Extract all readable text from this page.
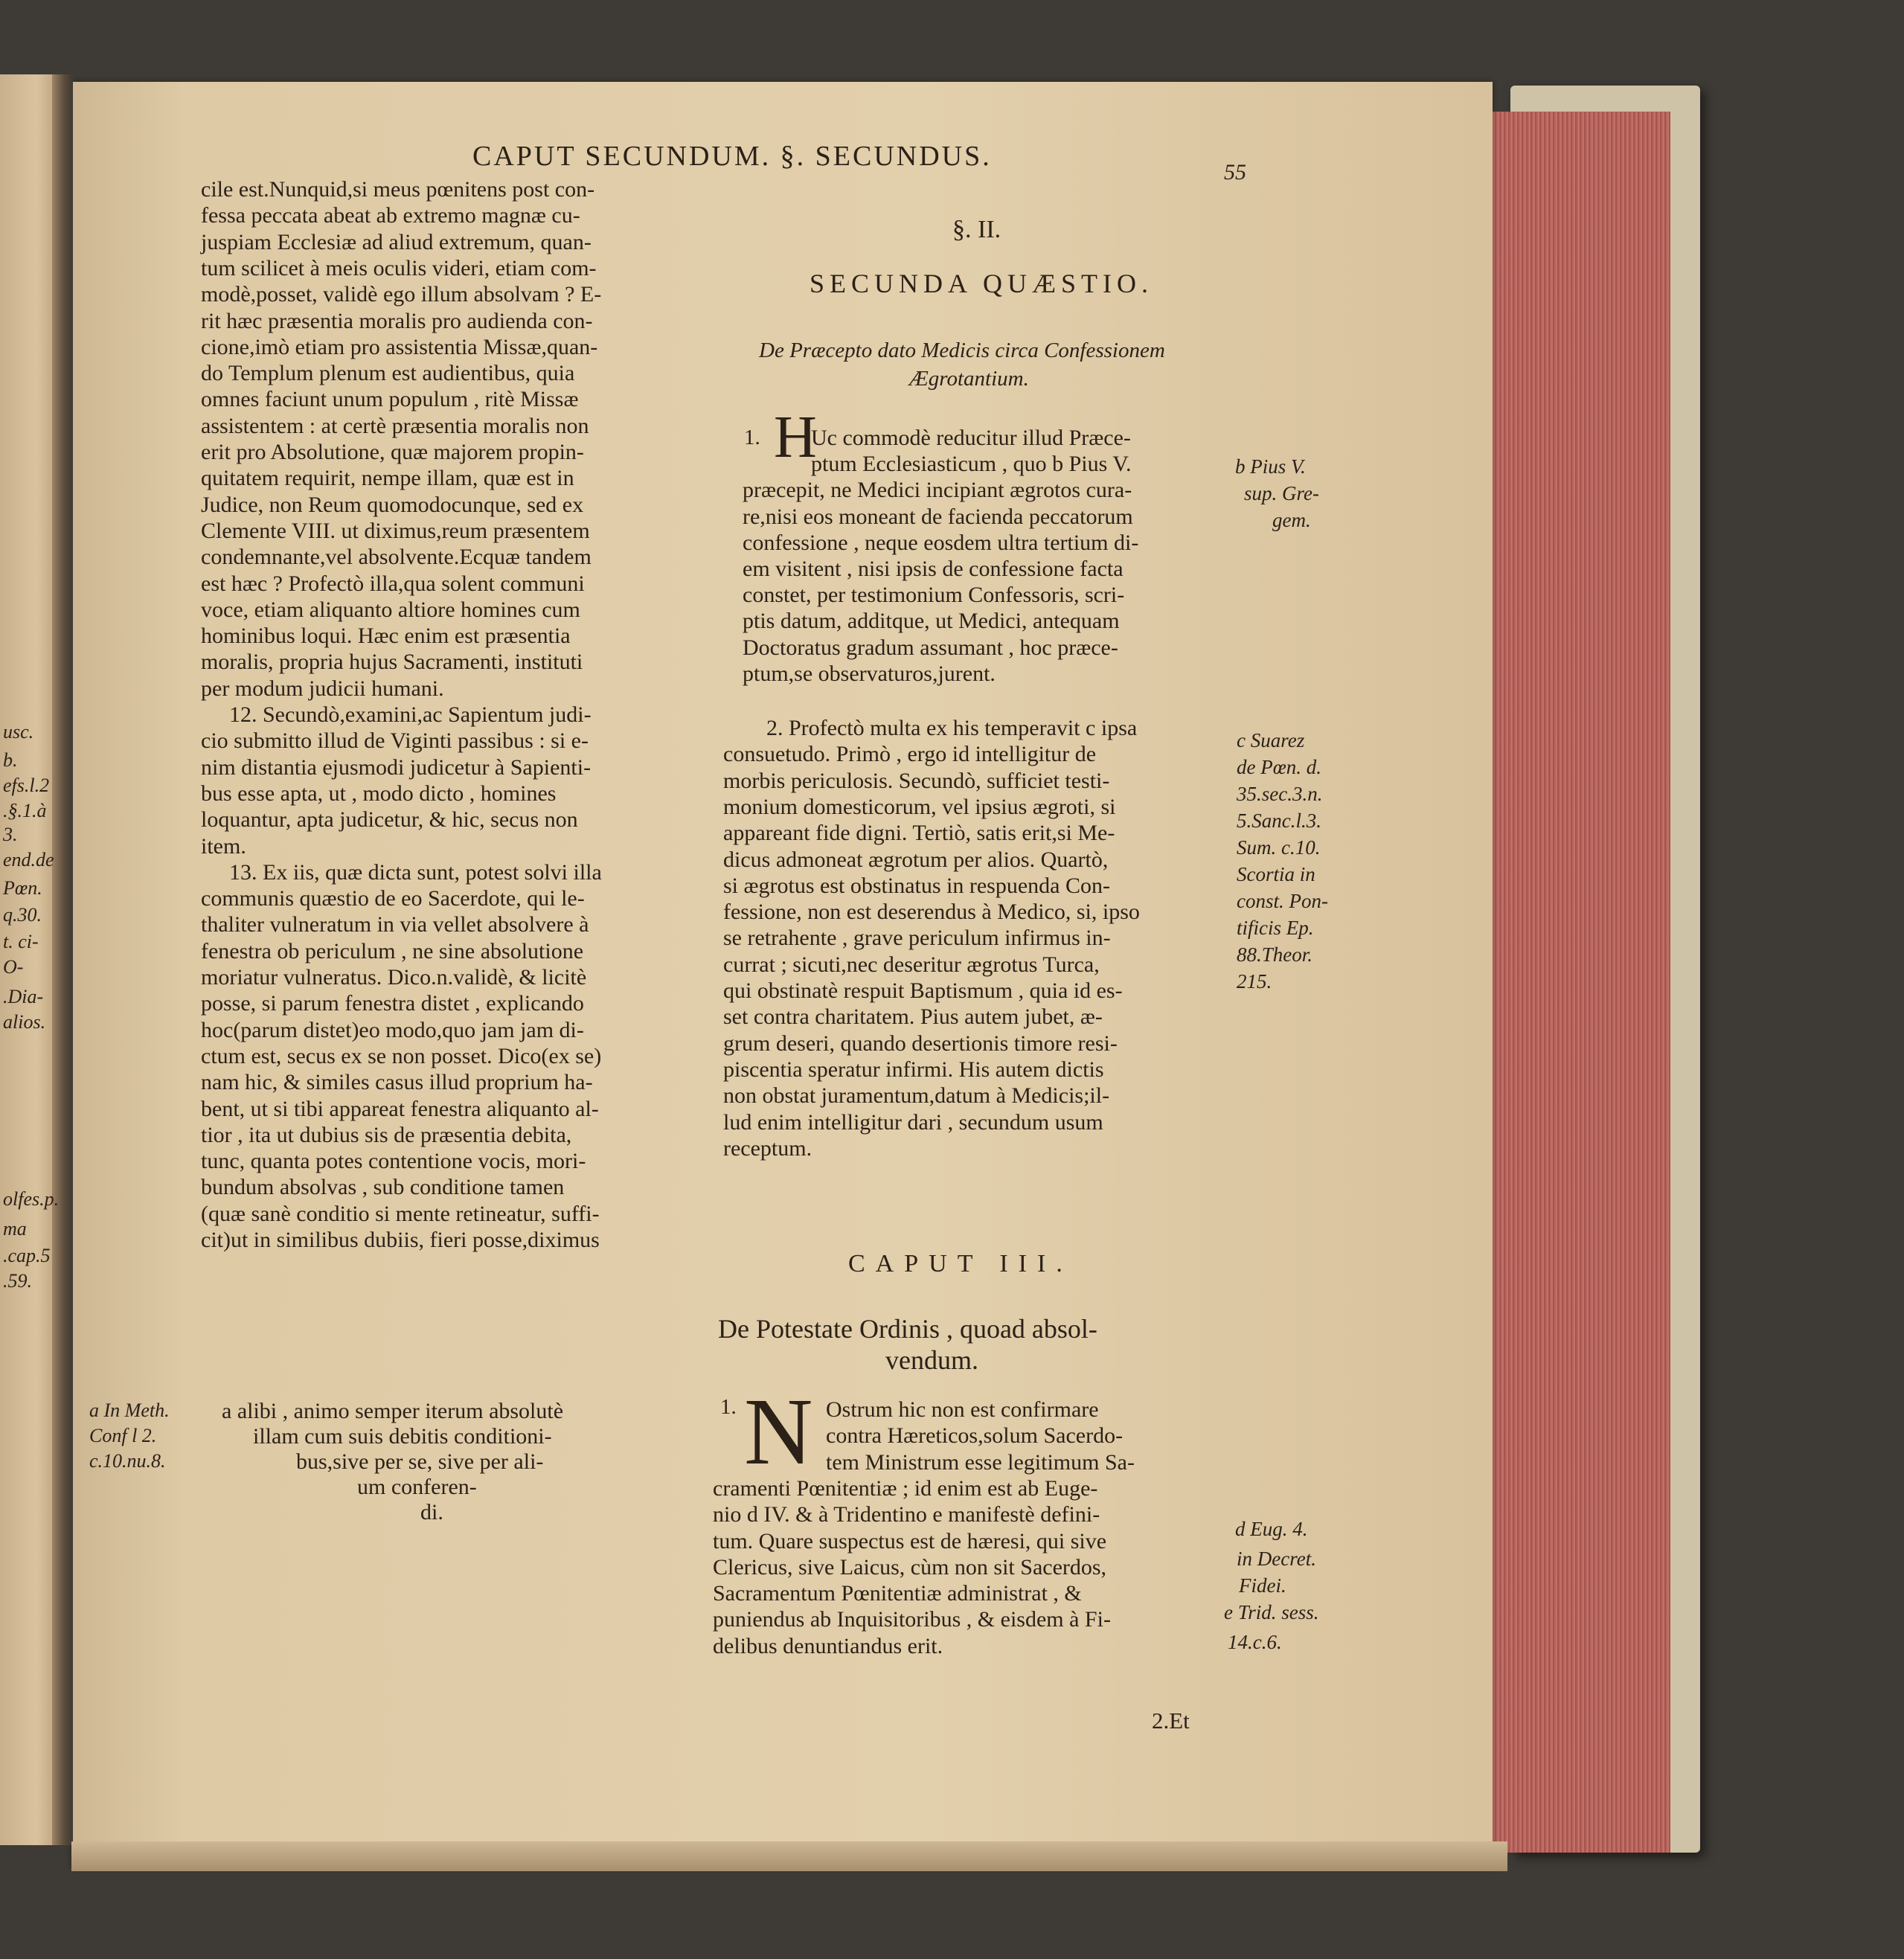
CAPUT SECUNDUM. §. SECUNDUS.
55
usc.
b.
efs.l.2
.§.1.à
3.
end.de
Pœn.
q.30.
t. ci-
O-
.Dia-
alios.
olfes.p.
ma
.cap.5
.59.
cile est.Nunquid,si meus pœnitens post con-
fessa peccata abeat ab extremo magnæ cu-
juspiam Ecclesiæ ad aliud extremum, quan-
tum scilicet à meis oculis videri, etiam com-
modè,posset, validè ego illum absolvam ? E-
rit hæc præsentia moralis pro audienda con-
cione,imò etiam pro assistentia Missæ,quan-
do Templum plenum est audientibus, quia
omnes faciunt unum populum , ritè Missæ
assistentem : at certè præsentia moralis non
erit pro Absolutione, quæ majorem propin-
quitatem requirit, nempe illam, quæ est in
Judice, non Reum quomodocunque, sed ex
Clemente VIII. ut diximus,reum præsentem
condemnante,vel absolvente.Ecquæ tandem
est hæc ? Profectò illa,qua solent communi
voce, etiam aliquanto altiore homines cum
hominibus loqui. Hæc enim est præsentia
moralis, propria hujus Sacramenti, instituti
per modum judicii humani.
12. Secundò,examini,ac Sapientum judi-
cio submitto illud de Viginti passibus : si e-
nim distantia ejusmodi judicetur à Sapienti-
bus esse apta, ut , modo dicto , homines
loquantur, apta judicetur, & hic, secus non
item.
13. Ex iis, quæ dicta sunt, potest solvi illa
communis quæstio de eo Sacerdote, qui le-
thaliter vulneratum in via vellet absolvere à
fenestra ob periculum , ne sine absolutione
moriatur vulneratus. Dico.n.validè, & licitè
posse, si parum fenestra distet , explicando
hoc(parum distet)eo modo,quo jam jam di-
ctum est, secus ex se non posset. Dico(ex se)
nam hic, & similes casus illud proprium ha-
bent, ut si tibi appareat fenestra aliquanto al-
tior , ita ut dubius sis de præsentia debita,
tunc, quanta potes contentione vocis, mori-
bundum absolvas , sub conditione tamen
(quæ sanè conditio si mente retineatur, suffi-
cit)ut in similibus dubiis, fieri posse,diximus
a alibi , animo semper iterum absolutè
illam cum suis debitis conditioni-
bus,sive per se, sive per ali-
um conferen-
di.
a In Meth.
Conf l 2.
c.10.nu.8.
§. II.
SECUNDA QUÆSTIO.
De Præcepto dato Medicis circa Confessionem
Ægrotantium.
1. H
Uc commodè reducitur illud Præce-
ptum Ecclesiasticum , quo b Pius V.
præcepit, ne Medici incipiant ægrotos cura-
re,nisi eos moneant de facienda peccatorum
confessione , neque eosdem ultra tertium di-
em visitent , nisi ipsis de confessione facta
constet, per testimonium Confessoris, scri-
ptis datum, additque, ut Medici, antequam
Doctoratus gradum assumant , hoc præce-
ptum,se observaturos,jurent.
2. Profectò multa ex his temperavit c ipsa
consuetudo. Primò , ergo id intelligitur de
morbis periculosis. Secundò, sufficiet testi-
monium domesticorum, vel ipsius ægroti, si
appareant fide digni. Tertiò, satis erit,si Me-
dicus admoneat ægrotum per alios. Quartò,
si ægrotus est obstinatus in respuenda Con-
fessione, non est deserendus à Medico, si, ipso
se retrahente , grave periculum infirmus in-
currat ; sicuti,nec deseritur ægrotus Turca,
qui obstinatè respuit Baptismum , quia id es-
set contra charitatem. Pius autem jubet, æ-
grum deseri, quando desertionis timore resi-
piscentia speratur infirmi. His autem dictis
non obstat juramentum,datum à Medicis;il-
lud enim intelligitur dari , secundum usum
receptum.
CAPUT III.
De Potestate Ordinis , quoad absol-
vendum.
1. N Ostrum hic non est confirmare
contra Hæreticos,solum Sacerdo-
tem Ministrum esse legitimum Sa-
cramenti Pœnitentiæ ; id enim est ab Euge-
nio d IV. & à Tridentino e manifestè defini-
tum. Quare suspectus est de hæresi, qui sive
Clericus, sive Laicus, cùm non sit Sacerdos,
Sacramentum Pœnitentiæ administrat , &
puniendus ab Inquisitoribus , & eisdem à Fi-
delibus denuntiandus erit.
b Pius V.
sup. Gre-
gem.
c Suarez
de Pœn. d.
35.sec.3.n.
5.Sanc.l.3.
Sum. c.10.
Scortia in
const. Pon-
tificis Ep.
88.Theor.
215.
d Eug. 4.
in Decret.
Fidei.
e Trid. sess.
14.c.6.
2.Et
